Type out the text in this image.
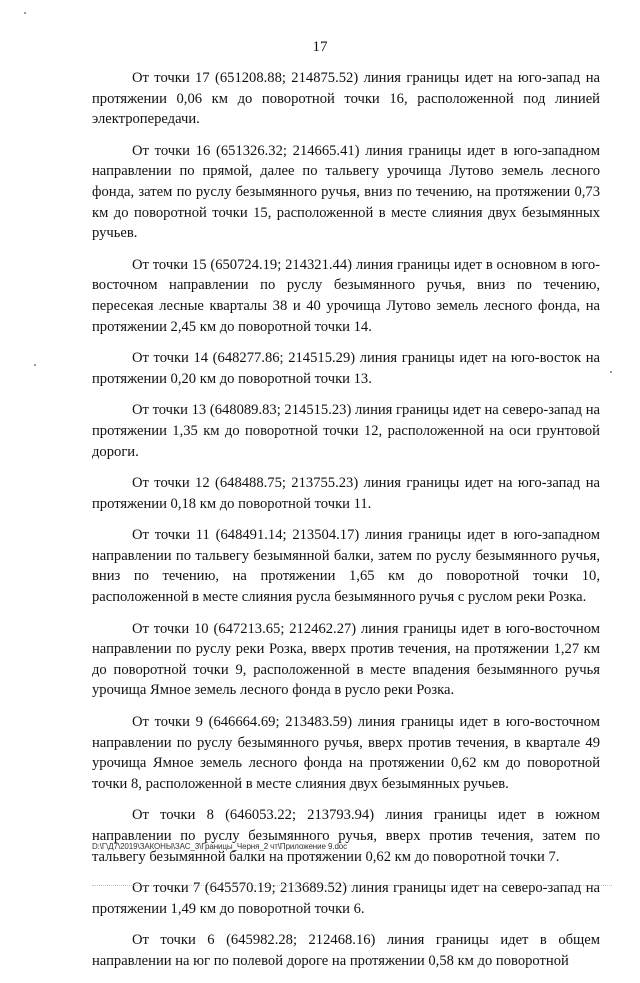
17

От точки 17 (651208.88; 214875.52) линия границы идет на юго-запад на протяжении 0,06 км до поворотной точки 16, расположенной под линией электропередачи.

От точки 16 (651326.32; 214665.41) линия границы идет в юго-западном направлении по прямой, далее по тальвегу урочища Лутово земель лесного фонда, затем по руслу безымянного ручья, вниз по течению, на протяжении 0,73 км до поворотной точки 15, расположенной в месте слияния двух безымянных ручьев.

От точки 15 (650724.19; 214321.44) линия границы идет в основном в юго-восточном направлении по руслу безымянного ручья, вниз по течению, пересекая лесные кварталы 38 и 40 урочища Лутово земель лесного фонда, на протяжении 2,45 км до поворотной точки 14.

От точки 14 (648277.86; 214515.29) линия границы идет на юго-восток на протяжении 0,20 км до поворотной точки 13.

От точки 13 (648089.83; 214515.23) линия границы идет на северо-запад на протяжении 1,35 км до поворотной точки 12, расположенной на оси грунтовой дороги.

От точки 12 (648488.75; 213755.23) линия границы идет на юго-запад на протяжении 0,18 км до поворотной точки 11.

От точки 11 (648491.14; 213504.17) линия границы идет в юго-западном направлении по тальвегу безымянной балки, затем по руслу безымянного ручья, вниз по течению, на протяжении 1,65 км до поворотной точки 10, расположенной в месте слияния русла безымянного ручья с руслом реки Розка.

От точки 10 (647213.65; 212462.27) линия границы идет в юго-восточном направлении по руслу реки Розка, вверх против течения, на протяжении 1,27 км до поворотной точки 9, расположенной в месте впадения безымянного ручья урочища Ямное земель лесного фонда в русло реки Розка.

От точки 9 (646664.69; 213483.59) линия границы идет в юго-восточном направлении по руслу безымянного ручья, вверх против течения, в квартале 49 урочища Ямное земель лесного фонда на протяжении 0,62 км до поворотной точки 8, расположенной в месте слияния двух безымянных ручьев.

От точки 8 (646053.22; 213793.94) линия границы идет в южном направлении по руслу безымянного ручья, вверх против течения, затем по тальвегу безымянной балки на протяжении 0,62 км до поворотной точки 7.

От точки 7 (645570.19; 213689.52) линия границы идет на северо-запад на протяжении 1,49 км до поворотной точки 6.

От точки 6 (645982.28; 212468.16) линия границы идет в общем направлении на юг по полевой дороге на протяжении 0,58 км до поворотной

D:\Г\Д7\2019\ЗАКОНЫ\ЗАС_3\Границы_Черня_2 чт\Приложение 9.doc
